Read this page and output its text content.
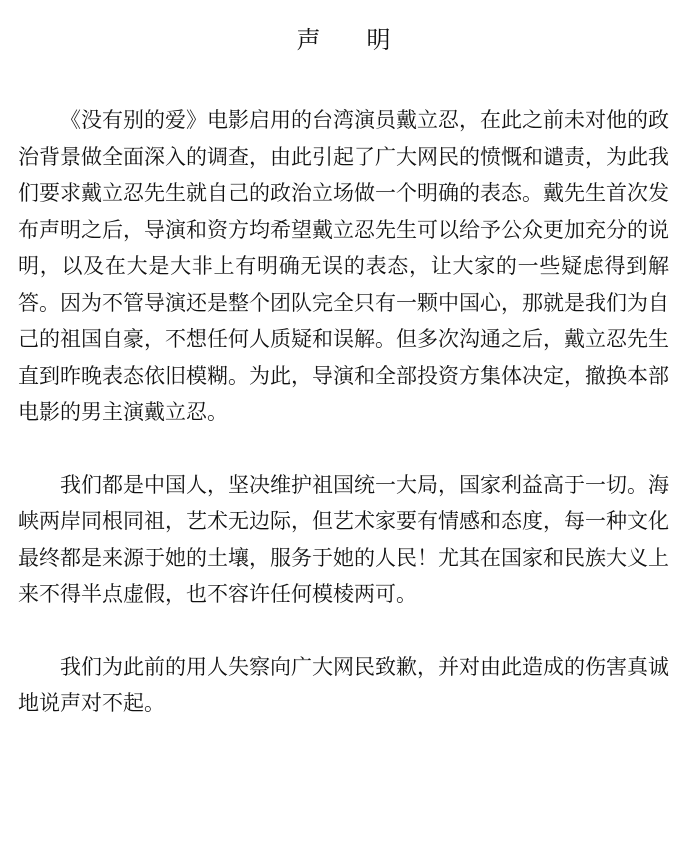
声 明

《没有别的爱》电影启用的台湾演员戴立忍，在此之前未对他的政治背景做全面深入的调查，由此引起了广大网民的愤慨和谴责，为此我们要求戴立忍先生就自己的政治立场做一个明确的表态。戴先生首次发布声明之后，导演和资方均希望戴立忍先生可以给予公众更加充分的说明，以及在大是大非上有明确无误的表态，让大家的一些疑虑得到解答。因为不管导演还是整个团队完全只有一颗中国心，那就是我们为自己的祖国自豪，不想任何人质疑和误解。但多次沟通之后，戴立忍先生直到昨晚表态依旧模糊。为此，导演和全部投资方集体决定，撤换本部电影的男主演戴立忍。

我们都是中国人，坚决维护祖国统一大局，国家利益高于一切。海峡两岸同根同祖，艺术无边际，但艺术家要有情感和态度，每一种文化最终都是来源于她的土壤，服务于她的人民！尤其在国家和民族大义上来不得半点虚假，也不容许任何模棱两可。

我们为此前的用人失察向广大网民致歉，并对由此造成的伤害真诚地说声对不起。
